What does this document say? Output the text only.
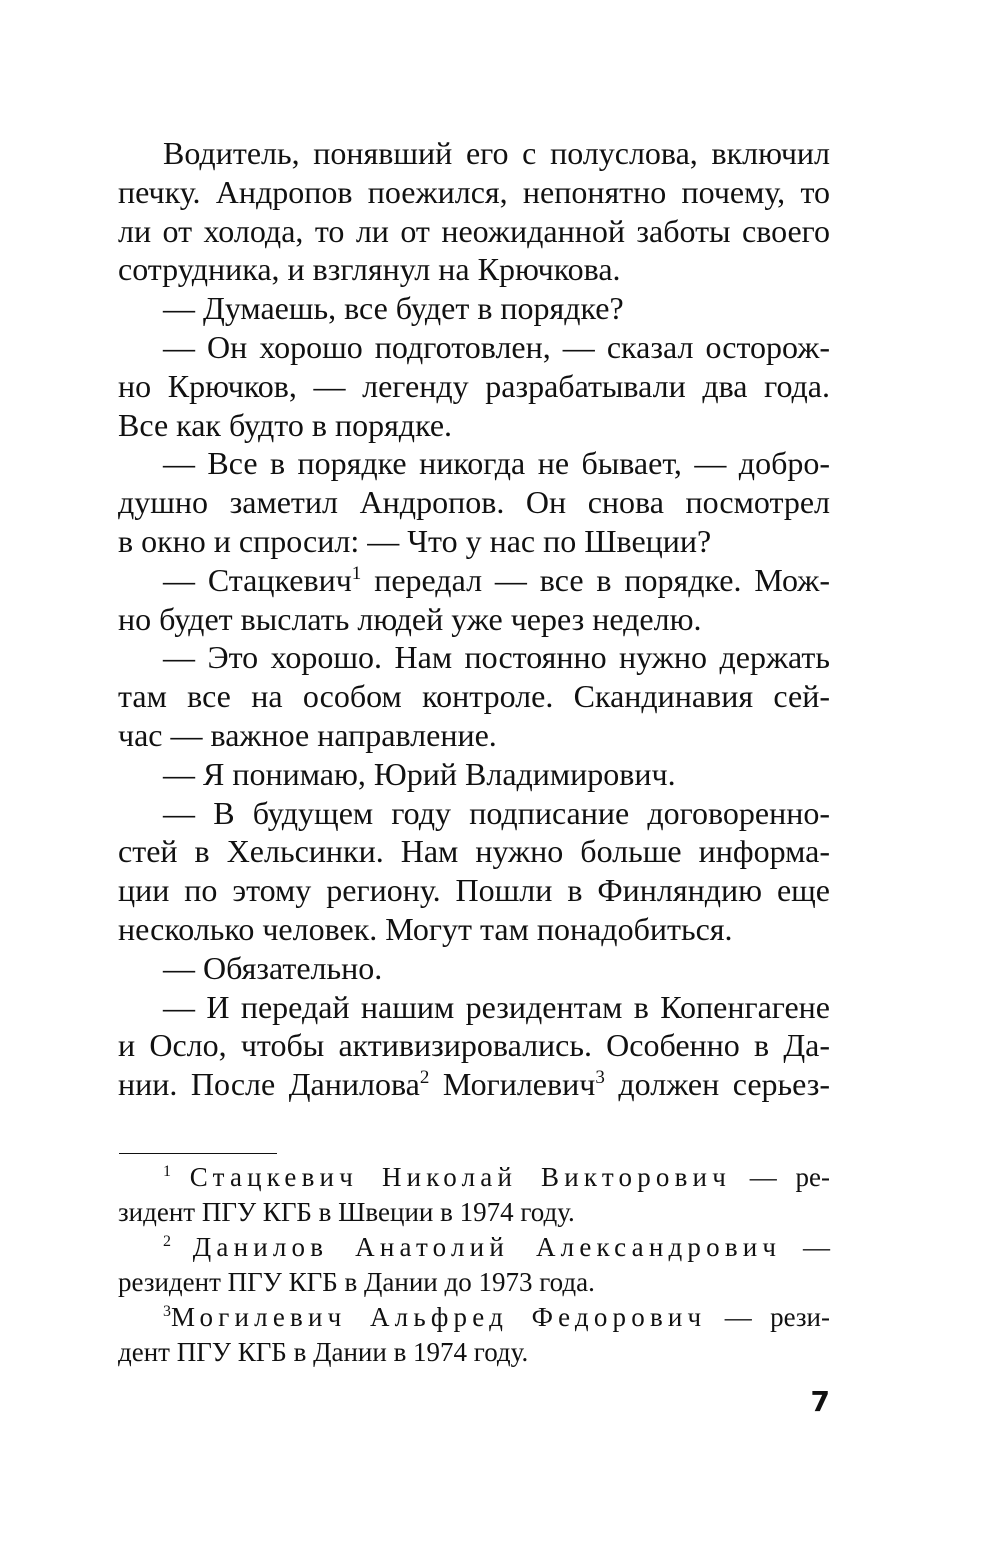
Водитель, понявший его с полуслова, включил
печку. Андропов поежился, непонятно почему, то
ли от холода, то ли от неожиданной заботы своего
сотрудника, и взглянул на Крючкова.
— Думаешь, все будет в порядке?
— Он хорошо подготовлен, — сказал осторож-
но Крючков, — легенду разрабатывали два года.
Все как будто в порядке.
— Все в порядке никогда не бывает, — добро-
душно заметил Андропов. Он снова посмотрел
в окно и спросил: — Что у нас по Швеции?
— Стацкевич$^1$ передал — все в порядке. Мож-
но будет выслать людей уже через неделю.
— Это хорошо. Нам постоянно нужно держать
там все на особом контроле. Скандинавия сей-
час — важное направление.
— Я понимаю, Юрий Владимирович.
— В будущем году подписание договоренно-
стей в Хельсинки. Нам нужно больше информа-
ции по этому региону. Пошли в Финляндию еще
несколько человек. Могут там понадобиться.
— Обязательно.
— И передай нашим резидентам в Копенгагене
и Осло, чтобы активизировались. Особенно в Да-
нии. После Данилова$^2$ Могилевич$^3$ должен серьез-
$^1$ Стацкевич Николай Викторович — ре-
зидент ПГУ КГБ в Швеции в 1974 году.
$^2$ Данилов Анатолий Александрович —
резидент ПГУ КГБ в Дании до 1973 года.
$^3$Могилевич Альфред Федорович — рези-
дент ПГУ КГБ в Дании в 1974 году.
7
